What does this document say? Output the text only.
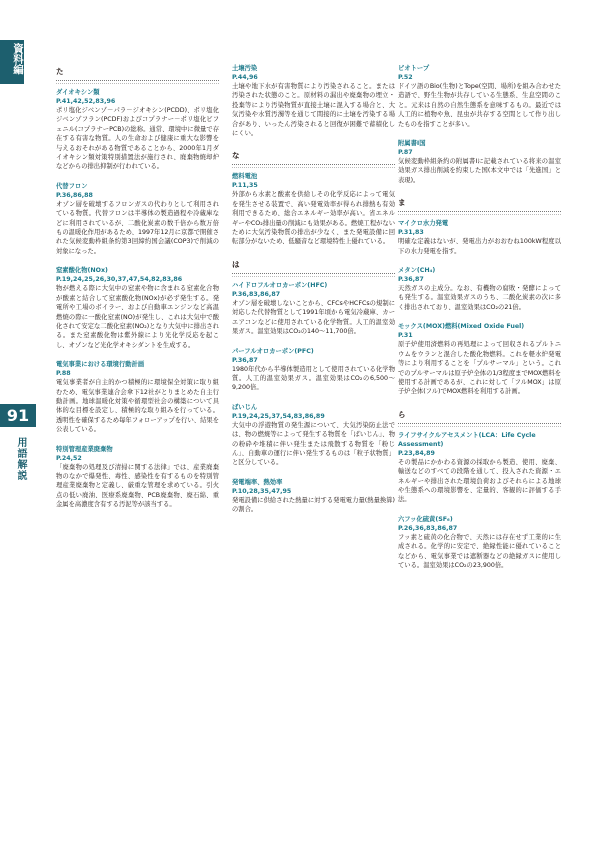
資料編
91
用語解説
た
ダイオキシン類
P.41,42,52,83,96

ポリ塩化ジベンゾ－パラ－ジオキシン(PCDD)、ポリ塩化ジベンゾフラン(PCDF)およびコプラナー－ポリ塩化ビフェニル(コプラナーPCB)の総称。通常、環境中に微量で存在する有害な物質。人の生命および健康に重大な影響を与えるおそれがある物質であることから、2000年1月ダイオキシン類対策特別措置法が施行され、廃棄物焼却炉などからの排出抑制が行われている。

代替フロン
P.36,86,88

オゾン層を破壊するフロンガスの代わりとして利用されている物質。代替フロンは半導体の製造過程や冷蔵庫などに利用されているが、二酸化炭素の数千倍から数万倍もの温暖化作用があるため、1997年12月に京都で開催された気候変動枠組条約第3回締約国会議(COP3)で削減の対象になった。

窒素酸化物(NOx)
P.19,24,25,26,30,37,47,54,82,83,86

物が燃える際に大気中の窒素や物に含まれる窒素化合物が酸素と結合して窒素酸化物(NOx)が必ず発生する。発電所や工場のボイラー、および自動車エンジンなど高温燃焼の際に一酸化窒素(NO)が発生し、これは大気中で酸化されて安定な二酸化窒素(NO₂)となり大気中に排出される。また窒素酸化物は紫外線により光化学反応を起こし、オゾンなど光化学オキシダントを生成する。

電気事業における環境行動計画
P.88

電気事業者が自主的かつ積極的に環境保全対策に取り組むため、電気事業連合会傘下12社がとりまとめた自主行動計画。地球温暖化対策や循環型社会の構築について具体的な目標を設定し、積極的な取り組みを行っている。透明性を確保するため毎年フォローアップを行い、結果を公表している。

特別管理産業廃棄物
P.24,52

「廃棄物の処理及び清掃に関する法律」では、産業廃棄物のなかで爆発性、毒性、感染性を有するものを特別管理産業廃棄物と定義し、厳重な管理を求めている。引火点の低い廃油、医療系廃棄物、PCB廃棄物、廃石綿、重金属を高濃度含有する汚泥等が該当する。

土壌汚染
P.44,96

土壌や地下水が有害物質により汚染されること。または汚染された状態のこと。原材料の漏出や廃棄物の埋立・投棄等により汚染物質が直接土壌に混入する場合と、大気汚染や水質汚濁等を通じて間接的に土壌を汚染する場合があり、いったん汚染されると回復が困難で蓄積化しにくい。

な
燃料電池
P.11,35

外部から水素と酸素を供給しその化学反応によって電気を発生させる装置で、高い発電効率が得られ排熱も有効利用できるため、総合エネルギー効率が高い。省エネルギーやCO₂排出量の削減にも効果がある。燃焼工程がないために大気汚染物質の排出が少なく、また発電設備に回転部分がないため、低騒音など環境特性上優れている。

は
ハイドロフルオロカーボン(HFC)
P.36,83,86,87

オゾン層を破壊しないことから、CFCsやHCFCsの規制に対応した代替物質として1991年頃から電気冷蔵庫、カーエアコンなどに使用されている化学物質。人工的温室効果ガス。温室効果はCO₂の140～11,700倍。

パーフルオロカーボン(PFC)
P.36,87

1980年代から半導体製造用として使用されている化学物質。人工的温室効果ガス。温室効果はCO₂の6,500～9,200倍。

ばいじん
P.19,24,25,37,54,83,86,89

大気中の浮遊物質の発生源について、大気汚染防止法では、物の燃焼等によって発生する物質を「ばいじん」、物の粉砕や堆積に伴い発生または飛散する物質を「粉じん」、自動車の運行に伴い発生するものは「粒子状物質」と区分している。

発電端率、熱効率
P.10,28,35,47,95

発電設備に供給された熱量に対する発電電力量(熱量換算)の割合。

ビオトープ
P.52

ドイツ語のBio(生物)とTope(空間、場所)を組み合わせた造語で、野生生物が共存している生態系、生息空間のこと。元来は自然の自然生態系を意味するもの。最近では人工的に植物や魚、昆虫が共存する空間として作り出したものを指すことが多い。

附属書Ⅰ国
P.87

気候変動枠組条約の附属書Ⅰに記載されている将来の温室効果ガス排出削減を約束した国(本文中では「先進国」と表現)。

ま
マイクロ水力発電
P.31,83

明確な定義はないが、発電出力がおおむね100kW程度以下の水力発電を指す。

メタン(CH₄)
P.36,87

天然ガスの主成分。なお、有機物の腐敗・発酵によっても発生する。温室効果ガスのうち、二酸化炭素の次に多く排出されており、温室効果はCO₂の21倍。

モックス(MOX)燃料(Mixed Oxide Fuel)
P.31

原子炉使用済燃料の再処理によって回収されるプルトニウムをウランと混合した酸化物燃料。これを軽水炉発電等により利用することを「プルサーマル」という。これでのプルサーマルは原子炉全体の1/3程度までMOX燃料を使用する計画であるが、これに対して「フルMOX」は原子炉全体(フル)でMOX燃料を利用する計画。

ら
ライフサイクルアセスメント(LCA：Life Cycle Assessment)
P.23,84,89

その製品にかかわる資源の採取から製造、使用、廃棄、輸送などのすべての段階を通して、投入された資源・エネルギーや排出された環境負荷およびそれらによる地球や生態系への環境影響を、定量的、客観的に評価する手法。

六フッ化硫黄(SF₆)
P.26,36,83,86,87

フッ素と硫黄の化合物で、天然には存在せず工業的に生成される。化学的に安定で、絶縁性能に優れていることなどから、電気事業では遮断器などの絶縁ガスに使用している。温室効果はCO₂の23,900倍。
